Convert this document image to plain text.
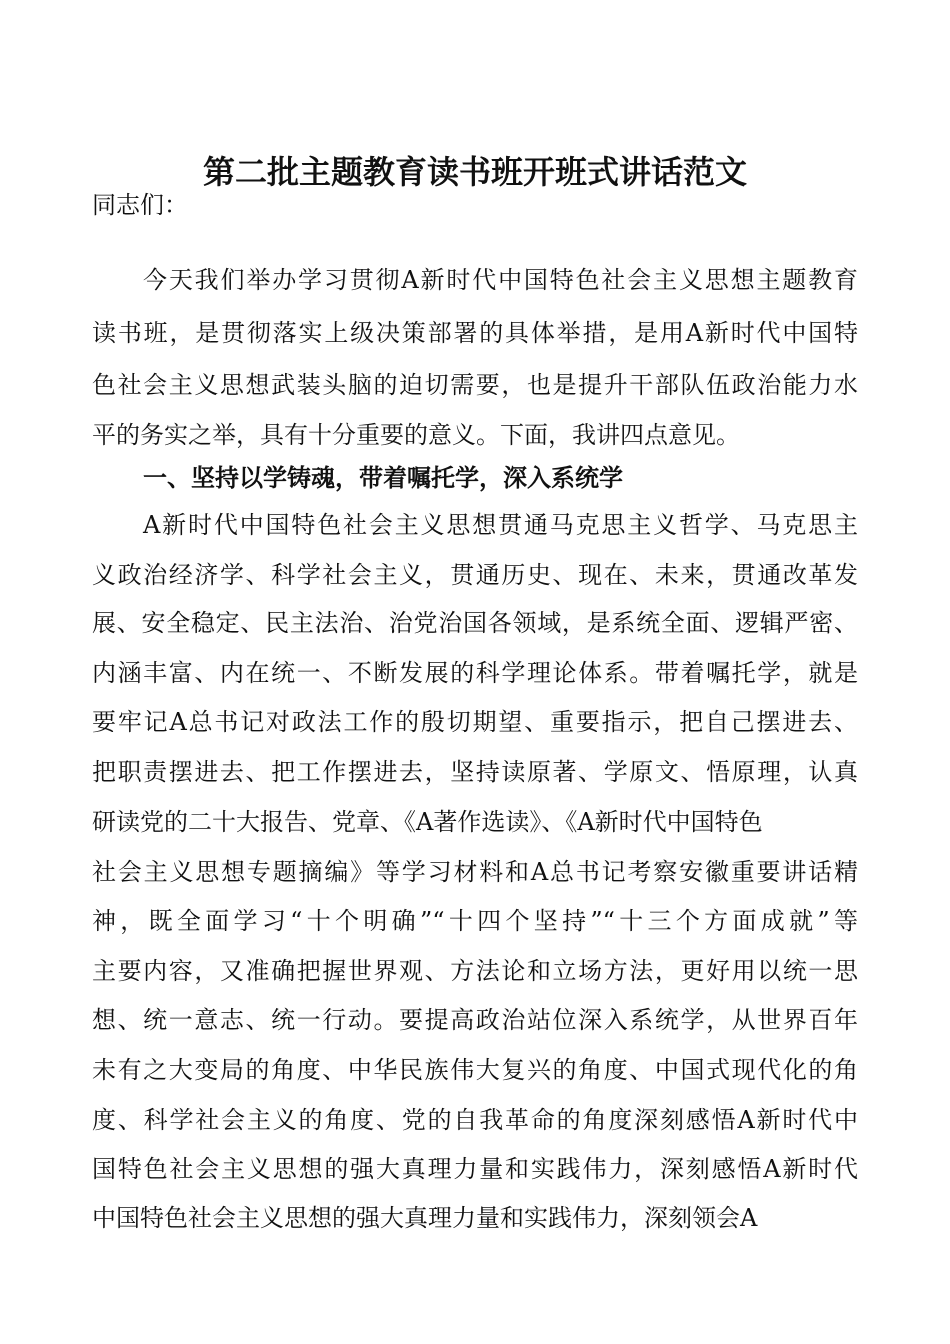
第二批主题教育读书班开班式讲话范文
同志们：
今天我们举办学习贯彻A新时代中国特色社会主义思想主题教育
读书班，是贯彻落实上级决策部署的具体举措，是用A新时代中国特
色社会主义思想武装头脑的迫切需要，也是提升干部队伍政治能力水
平的务实之举，具有十分重要的意义。下面，我讲四点意见。
一、坚持以学铸魂，带着嘱托学，深入系统学
A新时代中国特色社会主义思想贯通马克思主义哲学、马克思主
义政治经济学、科学社会主义，贯通历史、现在、未来，贯通改革发
展、安全稳定、民主法治、治党治国各领域，是系统全面、逻辑严密、
内涵丰富、内在统一、不断发展的科学理论体系。带着嘱托学，就是
要牢记A总书记对政法工作的殷切期望、重要指示，把自己摆进去、
把职责摆进去、把工作摆进去，坚持读原著、学原文、悟原理，认真
研读党的二十大报告、党章、《A著作选读》、《A新时代中国特色
社会主义思想专题摘编》等学习材料和A总书记考察安徽重要讲话精
神，既全面学习“十个明确”“十四个坚持”“十三个方面成就”等
主要内容，又准确把握世界观、方法论和立场方法，更好用以统一思
想、统一意志、统一行动。要提高政治站位深入系统学，从世界百年
未有之大变局的角度、中华民族伟大复兴的角度、中国式现代化的角
度、科学社会主义的角度、党的自我革命的角度深刻感悟A新时代中
国特色社会主义思想的强大真理力量和实践伟力，深刻感悟A新时代
中国特色社会主义思想的强大真理力量和实践伟力，深刻领会A
